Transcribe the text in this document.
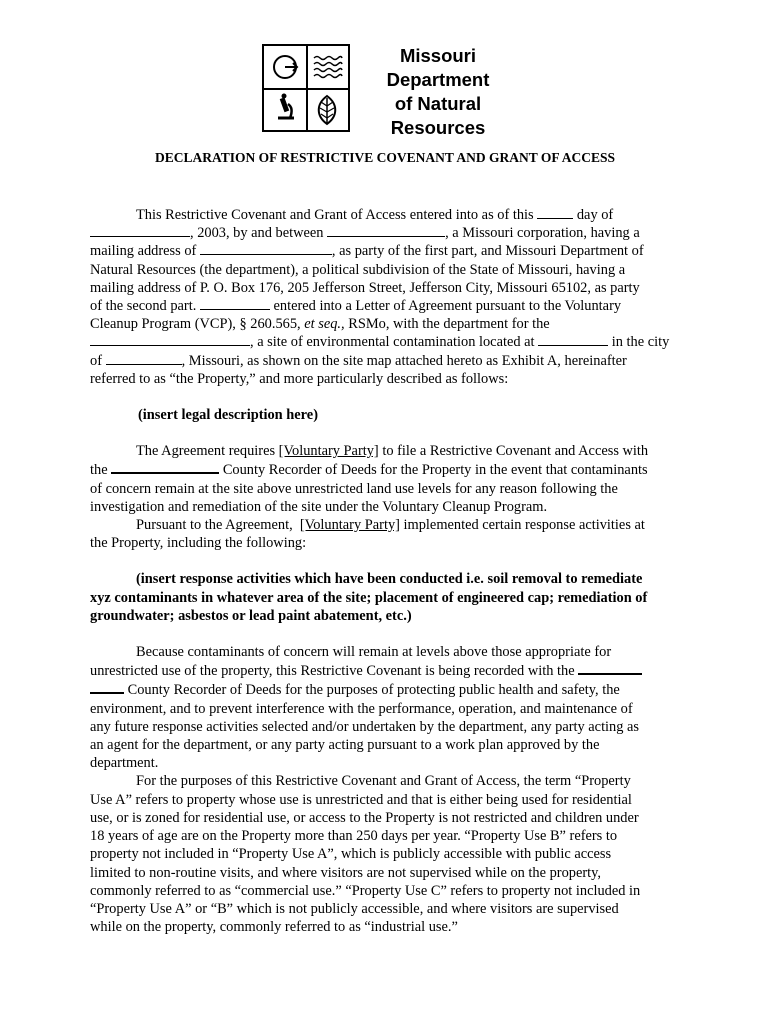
Missouri
Department
of Natural
Resources
DECLARATION OF RESTRICTIVE COVENANT AND GRANT OF ACCESS

This Restrictive Covenant and Grant of Access entered into as of this	day of

, 2003, by and between	, a Missouri corporation, having a

mailing address of	, as party of the first part, and Missouri Department of

Natural Resources (the department), a political subdivision of the State of Missouri, having a

mailing address of P. O. Box 176, 205 Jefferson Street, Jefferson City, Missouri 65102, as party

of the second part.	entered into a Letter of Agreement pursuant to the Voluntary

Cleanup Program (VCP), § 260.565, et seq., RSMo, with the department for the

, a site of environmental contamination located at	in the city

of	, Missouri, as shown on the site map attached hereto as Exhibit A, hereinafter

referred to as “the Property,” and more particularly described as follows:

(insert legal description here)

The Agreement requires [Voluntary Party] to file a Restrictive Covenant and Access with

the	County Recorder of Deeds for the Property in the event that contaminants

of concern remain at the site above unrestricted land use levels for any reason following the

investigation and remediation of the site under the Voluntary Cleanup Program.

Pursuant to the Agreement, [Voluntary Party] implemented certain response activities at

the Property, including the following:

(insert response activities which have been conducted i.e. soil removal to remediate

xyz contaminants in whatever area of the site; placement of engineered cap; remediation of

groundwater; asbestos or lead paint abatement, etc.)

Because contaminants of concern will remain at levels above those appropriate for

unrestricted use of the property, this Restrictive Covenant is being recorded with the

County Recorder of Deeds for the purposes of protecting public health and safety, the

environment, and to prevent interference with the performance, operation, and maintenance of

any future response activities selected and/or undertaken by the department, any party acting as

an agent for the department, or any party acting pursuant to a work plan approved by the

department.

For the purposes of this Restrictive Covenant and Grant of Access, the term “Property

Use A” refers to property whose use is unrestricted and that is either being used for residential

use, or is zoned for residential use, or access to the Property is not restricted and children under

18 years of age are on the Property more than 250 days per year. “Property Use B” refers to

property not included in “Property Use A”, which is publicly accessible with public access

limited to non-routine visits, and where visitors are not supervised while on the property,

commonly referred to as “commercial use.” “Property Use C” refers to property not included in

“Property Use A” or “B” which is not publicly accessible, and where visitors are supervised

while on the property, commonly referred to as “industrial use.”
